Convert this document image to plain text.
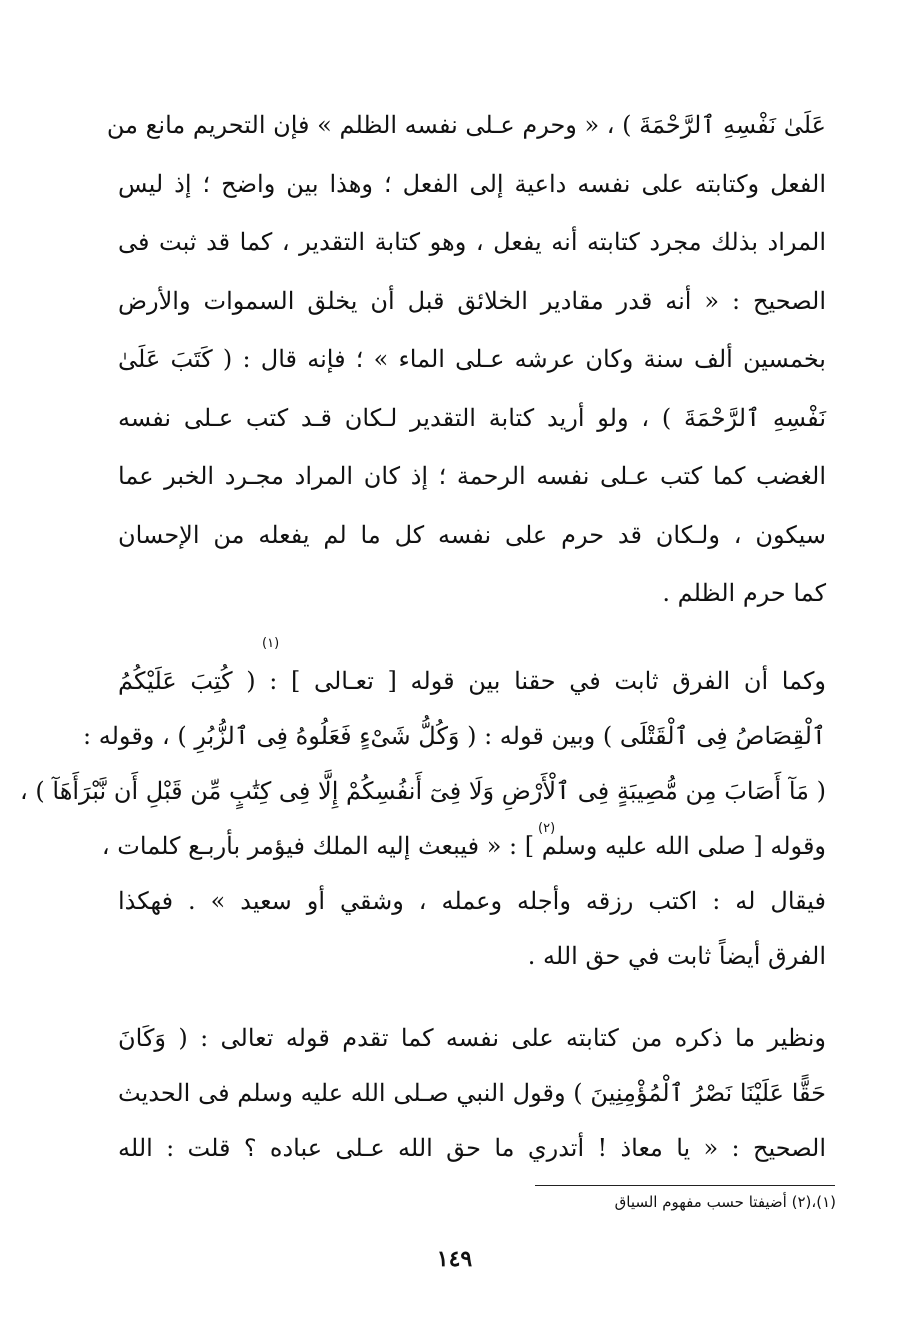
عَلَىٰ نَفْسِهِ ٱلرَّحْمَةَ ) ، « وحرم عـلى نفسه الظلم » فإن التحريم مانع من
الفعل وكتابته على نفسه داعية إلى الفعل ؛ وهذا بين واضح ؛ إذ ليس
المراد بذلك مجرد كتابته أنه يفعل ، وهو كتابة التقدير ، كما قد ثبت فى
الصحيح : « أنه قدر مقادير الخلائق قبل أن يخلق السموات والأرض
بخمسين ألف سنة وكان عرشه عـلى الماء » ؛ فإنه قال : ( كَتَبَ عَلَىٰ
نَفْسِهِ ٱلرَّحْمَةَ ) ، ولو أريد كتابة التقدير لـكان قـد كتب عـلى نفسه
الغضب كما كتب عـلى نفسه الرحمة ؛ إذ كان المراد مجـرد الخبر عما
سيكون ، ولـكان قد حرم على نفسه كل ما لم يفعله من الإحسان
كما حرم الظلم .
(١)
وكما أن الفرق ثابت في حقنا بين قوله [ تعـالى ] : ( كُتِبَ عَلَيْكُمُ
ٱلْقِصَاصُ فِى ٱلْقَتْلَى ) وبين قوله : ( وَكُلُّ شَىْءٍ فَعَلُوهُ فِى ٱلزُّبُرِ ) ، وقوله :
( مَآ أَصَابَ مِن مُّصِيبَةٍ فِى ٱلْأَرْضِ وَلَا فِىٓ أَنفُسِكُمْ إِلَّا فِى كِتَٰبٍ مِّن قَبْلِ أَن نَّبْرَأَهَآ ) ،
وقوله [ صلى الله عليه وسلم ] : « فيبعث إليه الملك فيؤمر بأربـع كلمات ،
فيقال له : اكتب رزقه وأجله وعمله ، وشقي أو سعيد » . فهكذا
الفرق أيضاً ثابت في حق الله .
(٢)
ونظير ما ذكره من كتابته على نفسه كما تقدم قوله تعالى : ( وَكَانَ
حَقًّا عَلَيْنَا نَصْرُ ٱلْمُؤْمِنِينَ ) وقول النبي صـلى الله عليه وسلم فى الحديث
الصحيح : « يا معاذ ! أتدري ما حق الله عـلى عباده ؟ قلت : الله
(١)،(٢) أضيفتا حسب مفهوم السياق
١٤٩
